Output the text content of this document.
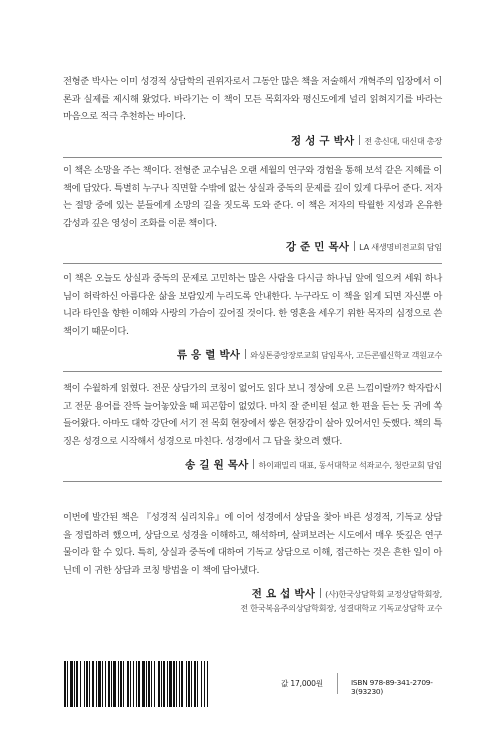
전형준 박사는 이미 성경적 상담학의 권위자로서 그동안 많은 책을 저술해서 개혁주의 입장에서 이론과 실제를 제시해 왔었다. 바라기는 이 책이 모든 목회자와 평신도에게 널리 읽혀지기를 바라는 마음으로 적극 추천하는 바이다.

정 성 구 박사 전 총신대, 대신대 총장

이 책은 소망을 주는 책이다. 전형준 교수님은 오랜 세월의 연구와 경험을 통해 보석 같은 지혜를 이 책에 담았다. 특별히 누구나 직면할 수밖에 없는 상실과 중독의 문제를 깊이 있게 다루어 준다. 저자는 절망 중에 있는 분들에게 소망의 길을 짓도록 도와 준다. 이 책은 저자의 탁월한 지성과 온유한 감성과 깊은 영성이 조화를 이룬 책이다.

강 준 민 목사 LA 새생명비전교회 담임

이 책은 오늘도 상실과 중독의 문제로 고민하는 많은 사람을 다시금 하나님 앞에 일으켜 세워 하나님이 허락하신 아름다운 삶을 보람있게 누리도록 안내한다. 누구라도 이 책을 읽게 되면 자신뿐 아니라 타인을 향한 이해와 사랑의 가슴이 깊어질 것이다. 한 영혼을 세우기 위한 목자의 심정으로 쓴 책이기 때문이다.

류 응 렬 박사 와싱톤중앙장로교회 담임목사, 고든콘웰신학교 객원교수

책이 수월하게 읽혔다. 전문 상담가의 코칭이 없어도 읽다 보니 정상에 오른 느낌이랄까? 학자랍시고 전문 용어를 잔뜩 늘어놓았을 때 피곤함이 없었다. 마치 잘 준비된 설교 한 편을 듣는 듯 귀에 쏙 들어왔다. 아마도 대학 강단에 서기 전 목회 현장에서 쌓은 현장감이 살아 있어서인 듯했다. 책의 특징은 성경으로 시작해서 성경으로 마친다. 성경에서 그 답을 찾으려 했다.

송 길 원 목사 하이패밀리 대표, 동서대학교 석좌교수, 청란교회 담임

이번에 발간된 책은 『성경적 심리치유』에 이어 성경에서 상담을 찾아 바른 성경적, 기독교 상담을 정립하려 했으며, 상담으로 성경을 이해하고, 해석하며, 살펴보려는 시도에서 매우 뜻깊은 연구물이라 할 수 있다. 특히, 상실과 중독에 대하여 기독교 상담으로 이해, 접근하는 것은 흔한 일이 아닌데 이 귀한 상담과 코칭 방법을 이 책에 담아냈다.

전 요 섭 박사 (사)한국상담학회 교정상담학회장,
전 한국복음주의상담학회장, 성결대학교 기독교상담학 교수
값 17,000원	ISBN 978-89-341-2709-3(93230)
